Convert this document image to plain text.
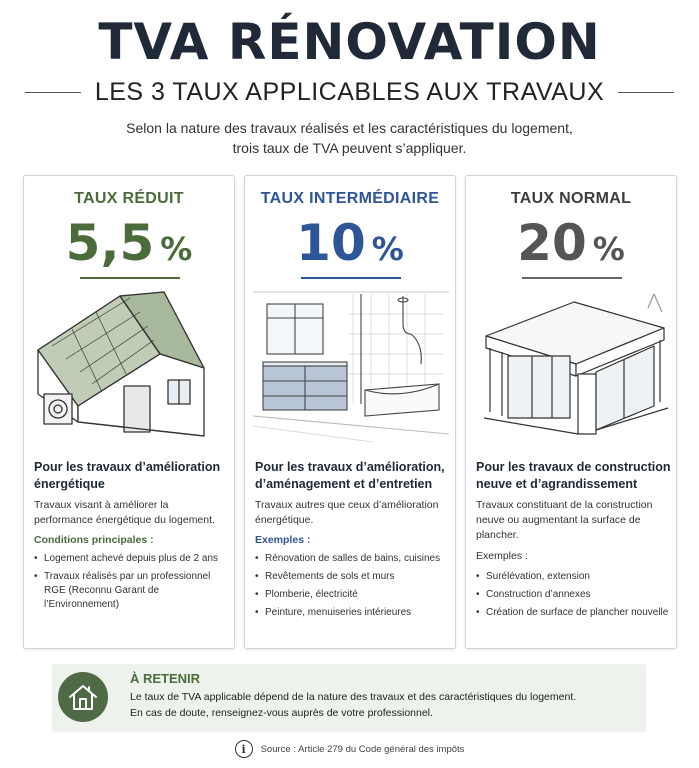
TVA RÉNOVATION
LES 3 TAUX APPLICABLES AUX TRAVAUX
Selon la nature des travaux réalisés et les caractéristiques du logement,
trois taux de TVA peuvent s’appliquer.
TAUX RÉDUIT
5,5 %
Pour les travaux d’amélioration énergétique
Travaux visant à améliorer la performance énergétique du logement.
Conditions principales :
• Logement achevé depuis plus de 2 ans
• Travaux réalisés par un professionnel RGE (Reconnu Garant de l’Environnement)
TAUX INTERMÉDIAIRE
10 %
Pour les travaux d’amélioration, d’aménagement et d’entretien
Travaux autres que ceux d’amélioration énergétique.
Exemples :
• Rénovation de salles de bains, cuisines
• Revêtements de sols et murs
• Plomberie, électricité
• Peinture, menuiseries intérieures
TAUX NORMAL
20 %
Pour les travaux de construction neuve et d’agrandissement
Travaux constituant de la construction neuve ou augmentant la surface de plancher.
Exemples :
• Surélévation, extension
• Construction d’annexes
• Création de surface de plancher nouvelle
À RETENIR
Le taux de TVA applicable dépend de la nature des travaux et des caractéristiques du logement.
En cas de doute, renseignez-vous auprès de votre professionnel.
i	Source : Article 279 du Code général des impôts
